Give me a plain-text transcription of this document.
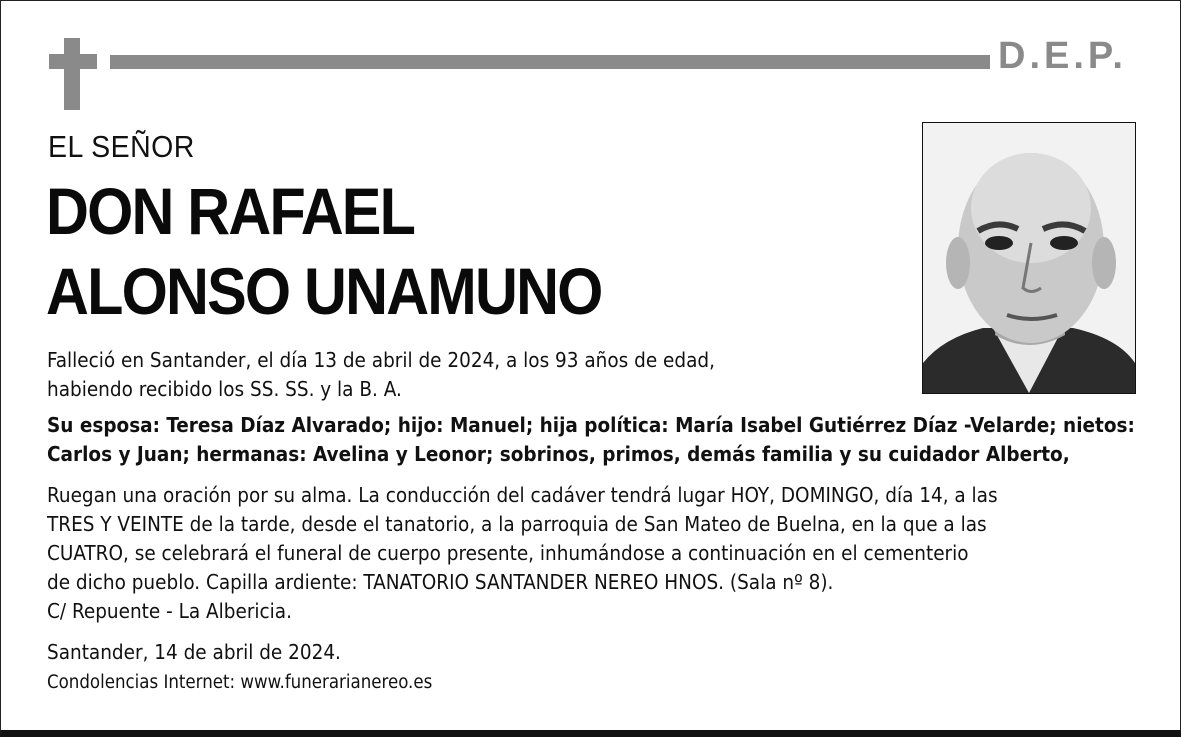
D.E.P.
EL SEÑOR
DON RAFAEL
ALONSO UNAMUNO
Falleció en Santander, el día 13 de abril de 2024, a los 93 años de edad,
habiendo recibido los SS. SS. y la B. A.
Su esposa: Teresa Díaz Alvarado; hijo: Manuel; hija política: María Isabel Gutiérrez Díaz -Velarde; nietos:
Carlos y Juan; hermanas: Avelina y Leonor; sobrinos, primos, demás familia y su cuidador Alberto,
Ruegan una oración por su alma. La conducción del cadáver tendrá lugar HOY, DOMINGO, día 14, a las
TRES Y VEINTE de la tarde, desde el tanatorio, a la parroquia de San Mateo de Buelna, en la que a las
CUATRO, se celebrará el funeral de cuerpo presente, inhumándose a continuación en el cementerio
de dicho pueblo. Capilla ardiente: TANATORIO SANTANDER NEREO HNOS. (Sala nº 8).
C/ Repuente - La Albericia.
Santander, 14 de abril de 2024.
Condolencias Internet: www.funerarianereo.es
